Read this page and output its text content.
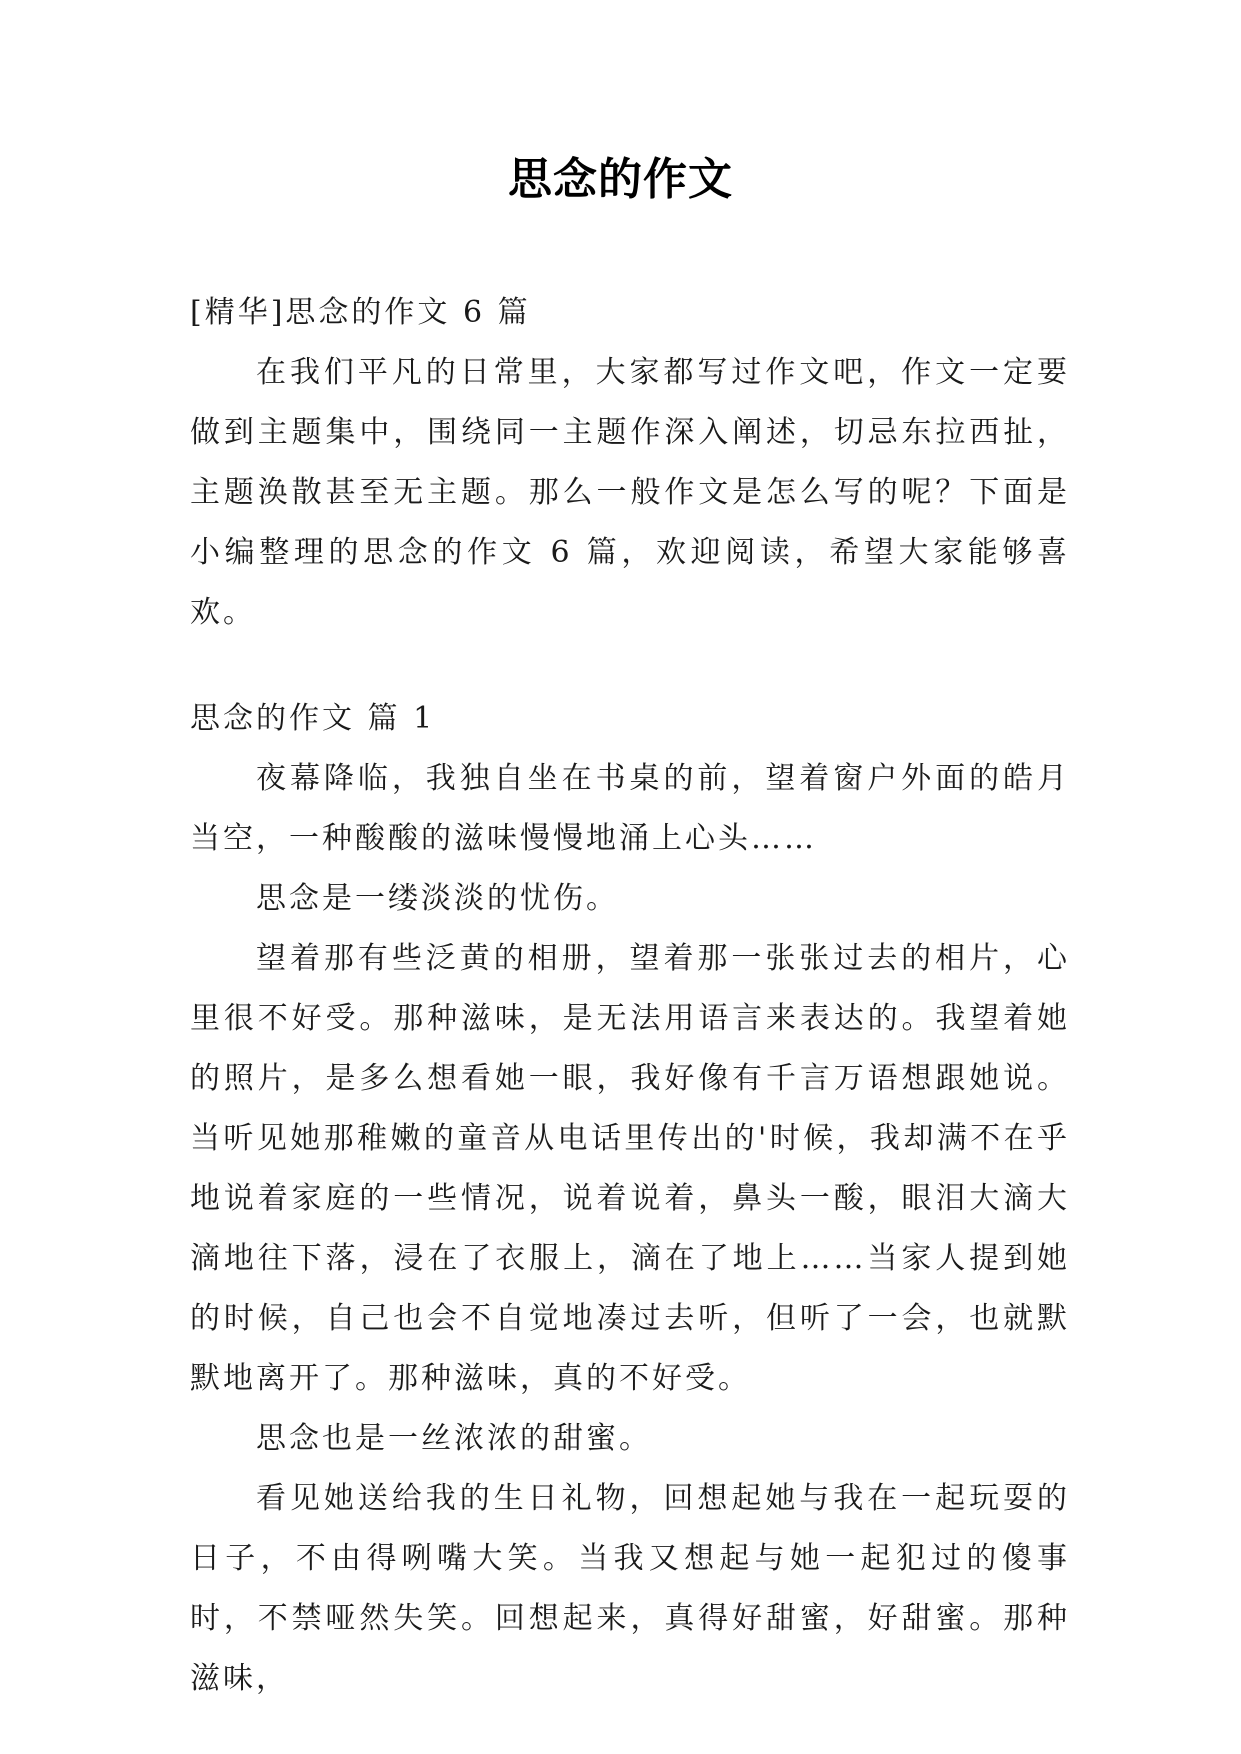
思念的作文

[精华]思念的作文 6 篇

在我们平凡的日常里，大家都写过作文吧，作文一定要做到主题集中，围绕同一主题作深入阐述，切忌东拉西扯，主题涣散甚至无主题。那么一般作文是怎么写的呢？下面是小编整理的思念的作文 6 篇，欢迎阅读，希望大家能够喜欢。

思念的作文 篇 1

夜幕降临，我独自坐在书桌的前，望着窗户外面的皓月当空，一种酸酸的滋味慢慢地涌上心头……

思念是一缕淡淡的忧伤。

望着那有些泛黄的相册，望着那一张张过去的相片，心里很不好受。那种滋味，是无法用语言来表达的。我望着她的照片，是多么想看她一眼，我好像有千言万语想跟她说。当听见她那稚嫩的童音从电话里传出的'时候，我却满不在乎地说着家庭的一些情况，说着说着，鼻头一酸，眼泪大滴大滴地往下落，浸在了衣服上，滴在了地上……当家人提到她的时候，自己也会不自觉地凑过去听，但听了一会，也就默默地离开了。那种滋味，真的不好受。

思念也是一丝浓浓的甜蜜。

看见她送给我的生日礼物，回想起她与我在一起玩耍的日子，不由得咧嘴大笑。当我又想起与她一起犯过的傻事时，不禁哑然失笑。回想起来，真得好甜蜜，好甜蜜。那种滋味，
